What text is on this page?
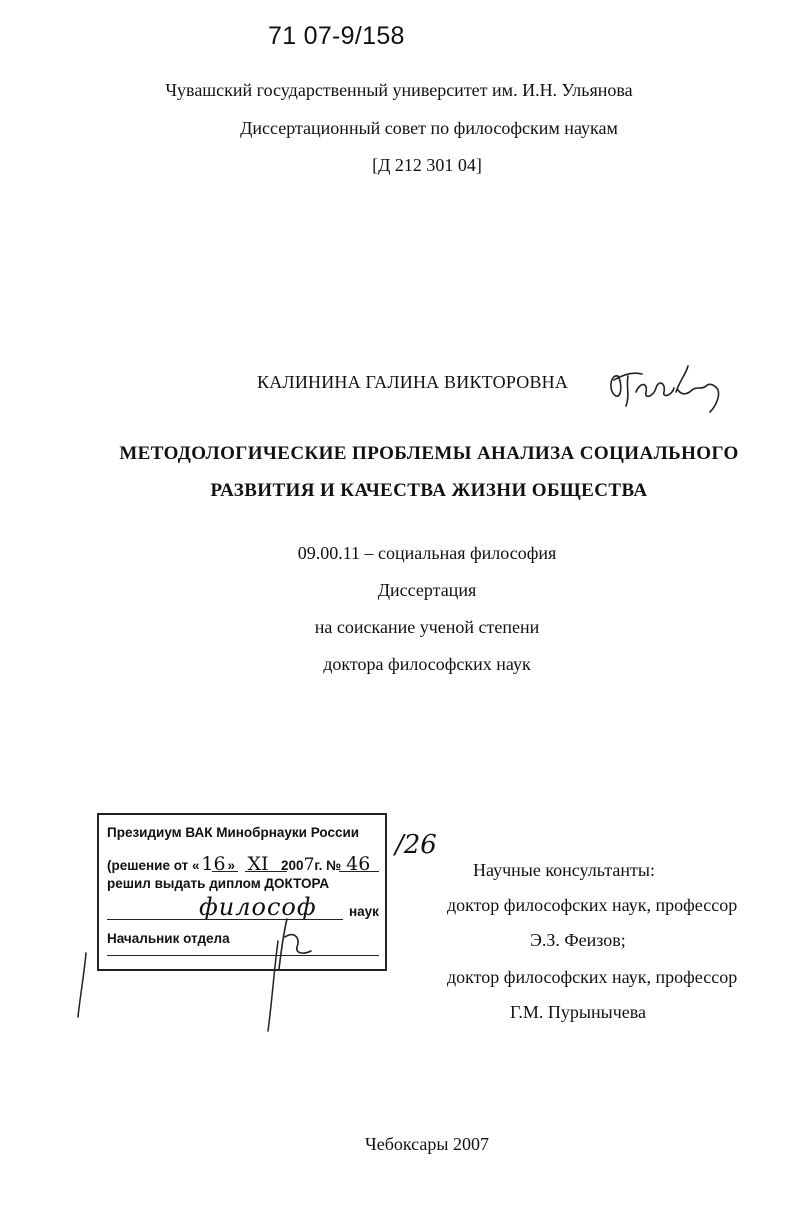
71 07-9/158
Чувашский государственный университет им. И.Н. Ульянова
Диссертационный совет по философским наукам
[Д 212 301 04]
КАЛИНИНА ГАЛИНА ВИКТОРОВНА
МЕТОДОЛОГИЧЕСКИЕ ПРОБЛЕМЫ АНАЛИЗА СОЦИАЛЬНОГО
РАЗВИТИЯ И КАЧЕСТВА ЖИЗНИ ОБЩЕСТВА
09.00.11 – социальная философия
Диссертация
на соискание ученой степени
доктора философских наук
Президиум ВАК Минобрнауки России
(решение от « 16 » XI 2007г. № 46
решил выдать диплом ДОКТОРА
философ наук
Начальник отдела
/26
Научные консультанты:
доктор философских наук, профессор
Э.З. Феизов;
доктор философских наук, профессор
Г.М. Пурынычева
Чебоксары 2007
